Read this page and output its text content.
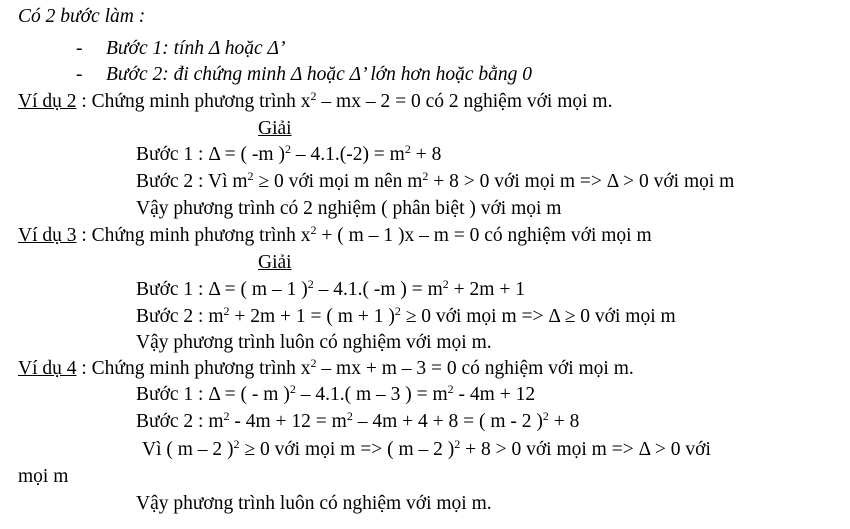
Có 2 bước làm :
- Bước 1: tính Δ hoặc Δ’
- Bước 2: đi chứng minh Δ hoặc Δ’ lớn hơn hoặc bằng 0
Ví dụ 2 : Chứng minh phương trình $x^2$ – mx – 2 = 0 có 2 nghiệm với mọi m.
Giải
Bước 1 : Δ = ( -m )$^2 - 4.1.(-2) = m^2 + 8$
Bước 2 : Vì $m^2 \ge 0$ với mọi m nên $m^2 + 8 > 0$ với mọi m => Δ > 0 với mọi m
Vậy phương trình có 2 nghiệm ( phân biệt ) với mọi m
Ví dụ 3 : Chứng minh phương trình $x^2$ + ( m – 1 )x – m = 0 có nghiệm với mọi m
Giải
Bước 1 : Δ = ( m – 1 )$^2$ – 4.1.( -m ) = $m^2 + 2m + 1$
Bước 2 : $m^2 + 2m + 1$ = ( m + 1 )$^2$ ≥ 0 với mọi m => Δ ≥ 0 với mọi m
Vậy phương trình luôn có nghiệm với mọi m.
Ví dụ 4 : Chứng minh phương trình $x^2$ – mx + m – 3 = 0 có nghiệm với mọi m.
Bước 1 : Δ = ( - m )$^2$ – 4.1.( m – 3 ) = $m^2 - 4m + 12$
Bước 2 : $m^2 - 4m + 12 = m^2 - 4m + 4 + 8$ = ( m - 2 )$^2$ + 8
Vì ( m – 2 )$^2$ ≥ 0 với mọi m => ( m – 2 )$^2$ + 8 > 0 với mọi m => Δ > 0 với
mọi m
Vậy phương trình luôn có nghiệm với mọi m.
